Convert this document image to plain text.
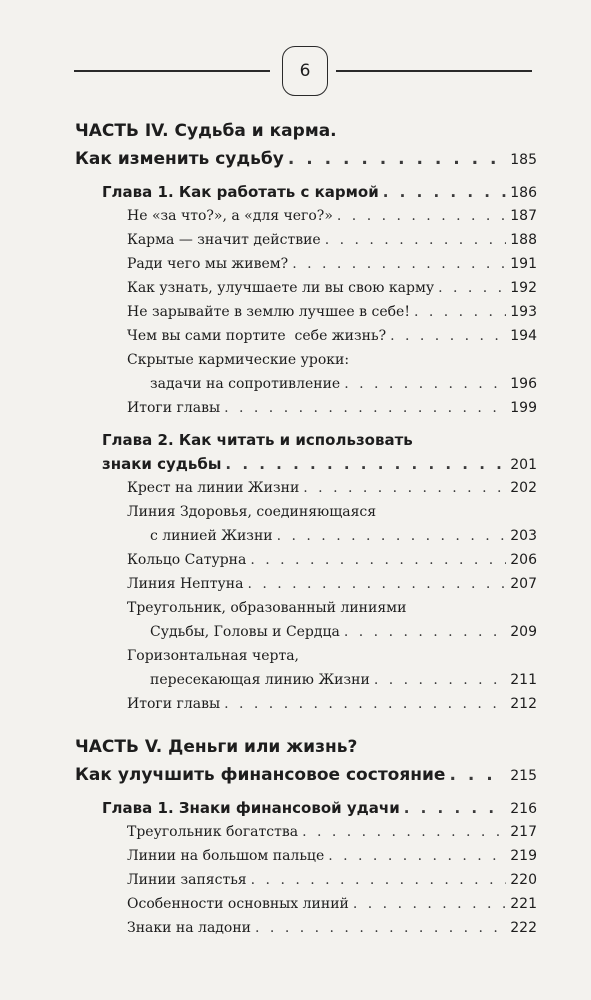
6
ЧАСТЬ IV. Судьба и карма.
Как изменить судьбу . . .	185
Глава 1. Как работать с кармой . . .	186
Не «за что?», а «для чего?» . . .	187
Карма — значит действие . . .	188
Ради чего мы живем? . . .	191
Как узнать, улучшаете ли вы свою карму . . .	192
Не зарывайте в землю лучшее в себе! . . .	193
Чем вы сами портите  себе жизнь? . . .	194
Скрытые кармические уроки:
задачи на сопротивление . . .	196
Итоги главы . . .	199
Глава 2. Как читать и использовать
знаки судьбы . . .	201
Крест на линии Жизни . . .	202
Линия Здоровья, соединяющаяся
с линией Жизни . . .	203
Кольцо Сатурна . . .	206
Линия Нептуна . . .	207
Треугольник, образованный линиями
Судьбы, Головы и Сердца . . .	209
Горизонтальная черта,
пересекающая линию Жизни . . .	211
Итоги главы . . .	212
ЧАСТЬ V. Деньги или жизнь?
Как улучшить финансовое состояние . . .	215
Глава 1. Знаки финансовой удачи . . .	216
Треугольник богатства . . .	217
Линии на большом пальце . . .	219
Линии запястья . . .	220
Особенности основных линий . . .	221
Знаки на ладони . . .	222
